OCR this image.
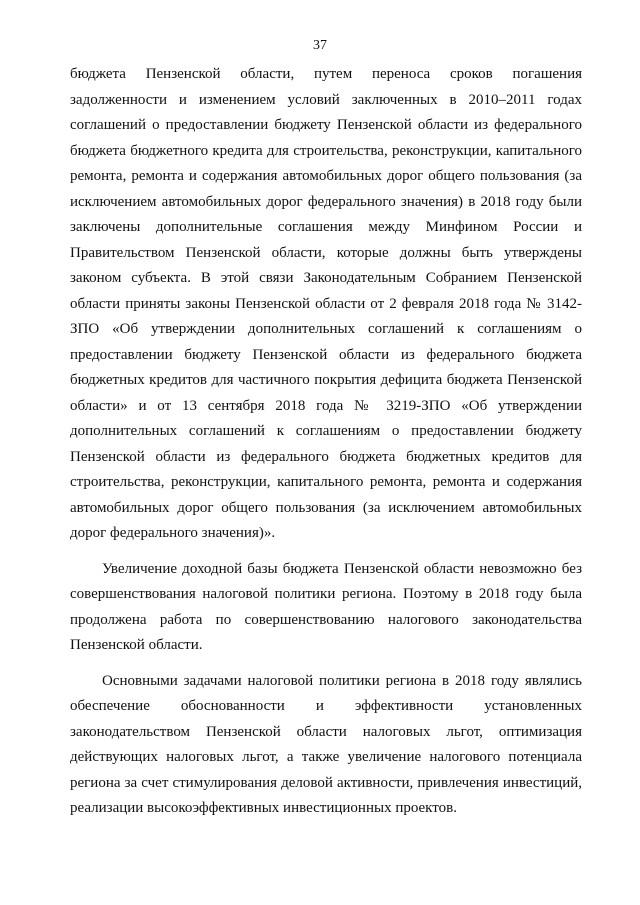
37

бюджета Пензенской области, путем переноса сроков погашения задолженности и изменением условий заключенных в 2010–2011 годах соглашений о предоставлении бюджету Пензенской области из федерального бюджета бюджетного кредита для строительства, реконструкции, капитального ремонта, ремонта и содержания автомобильных дорог общего пользования (за исключением автомобильных дорог федерального значения) в 2018 году были заключены дополнительные соглашения между Минфином России и Правительством Пензенской области, которые должны быть утверждены законом субъекта. В этой связи Законодательным Собранием Пензенской области приняты законы Пензенской области от 2 февраля 2018 года № 3142-ЗПО «Об утверждении дополнительных соглашений к соглашениям о предоставлении бюджету Пензенской области из федерального бюджета бюджетных кредитов для частичного покрытия дефицита бюджета Пензенской области» и от 13 сентября 2018 года № 3219-ЗПО «Об утверждении дополнительных соглашений к соглашениям о предоставлении бюджету Пензенской области из федерального бюджета бюджетных кредитов для строительства, реконструкции, капитального ремонта, ремонта и содержания автомобильных дорог общего пользования (за исключением автомобильных дорог федерального значения)».

Увеличение доходной базы бюджета Пензенской области невозможно без совершенствования налоговой политики региона. Поэтому в 2018 году была продолжена работа по совершенствованию налогового законодательства Пензенской области.

Основными задачами налоговой политики региона в 2018 году являлись обеспечение обоснованности и эффективности установленных законодательством Пензенской области налоговых льгот, оптимизация действующих налоговых льгот, а также увеличение налогового потенциала региона за счет стимулирования деловой активности, привлечения инвестиций, реализации высокоэффективных инвестиционных проектов.
